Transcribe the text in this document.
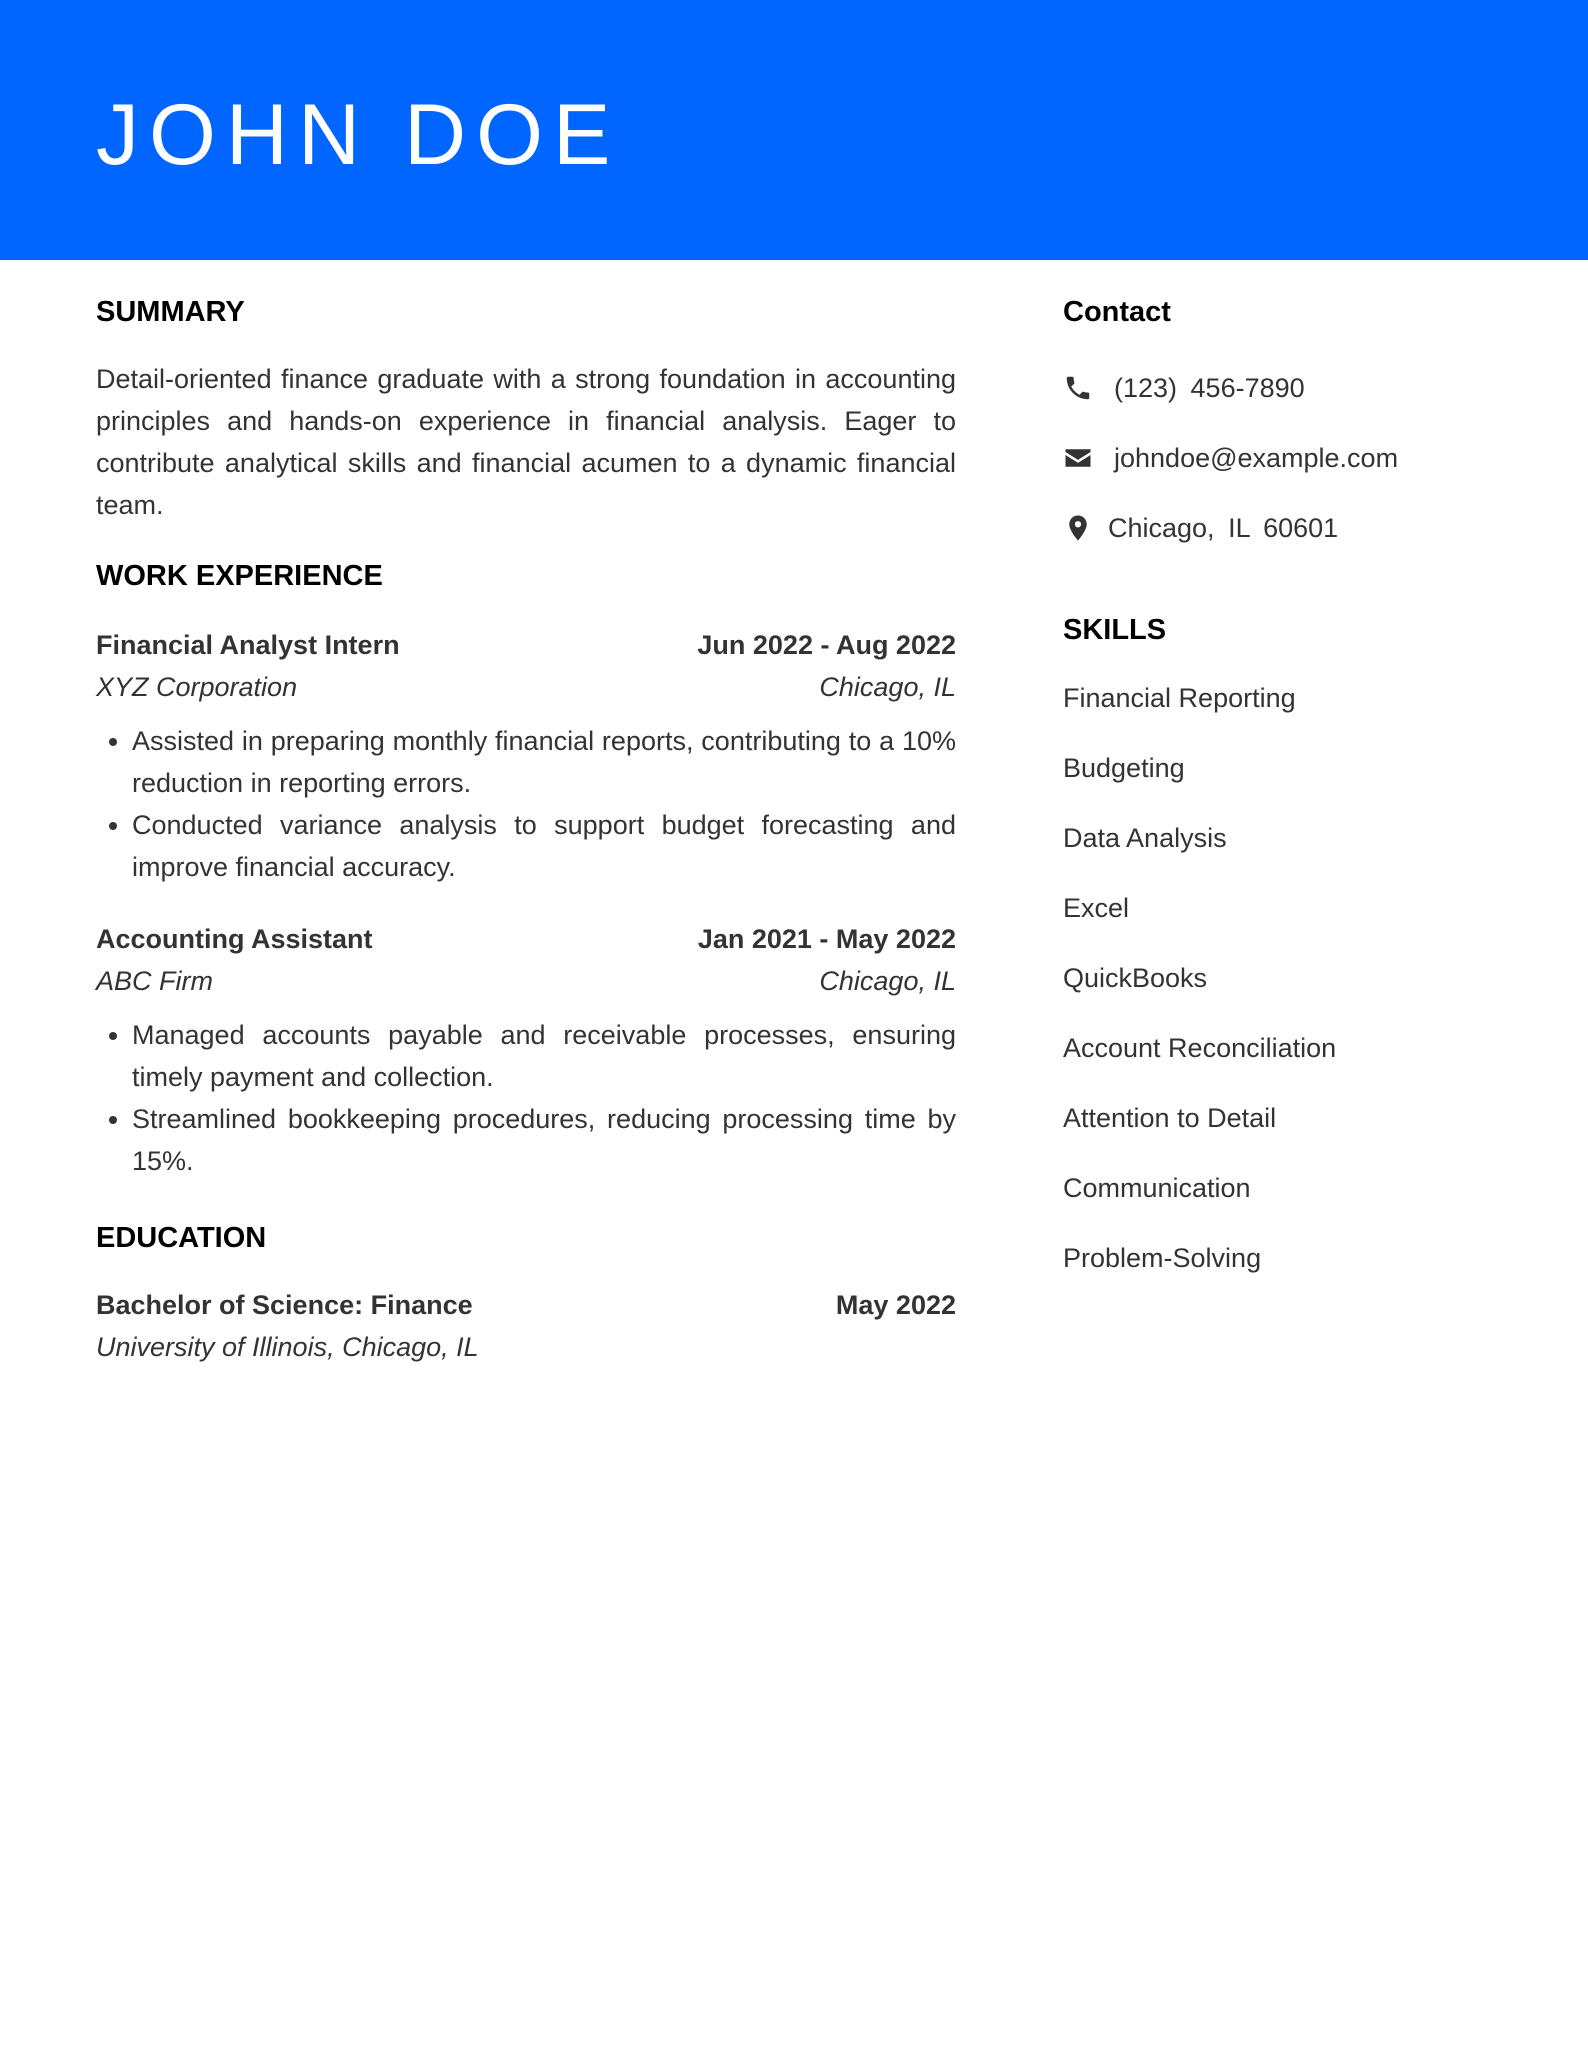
JOHN DOE
SUMMARY

Detail-oriented finance graduate with a strong foundation in accounting principles and hands-on experience in financial analysis. Eager to contribute analytical skills and financial acumen to a dynamic financial team.

WORK EXPERIENCE
Financial Analyst Intern	Jun 2022 - Aug 2022
XYZ Corporation	Chicago, IL
• Assisted in preparing monthly financial reports, contributing to a 10% reduction in reporting errors.
• Conducted variance analysis to support budget forecasting and improve financial accuracy.
Accounting Assistant	Jan 2021 - May 2022
ABC Firm	Chicago, IL
• Managed accounts payable and receivable processes, ensuring timely payment and collection.
• Streamlined bookkeeping procedures, reducing processing time by 15%.
EDUCATION
Bachelor of Science: Finance	May 2022
University of Illinois, Chicago, IL
Contact
(123) 456-7890
johndoe@example.com
Chicago, IL 60601
SKILLS
Financial Reporting
Budgeting
Data Analysis
Excel
QuickBooks
Account Reconciliation
Attention to Detail
Communication
Problem-Solving
